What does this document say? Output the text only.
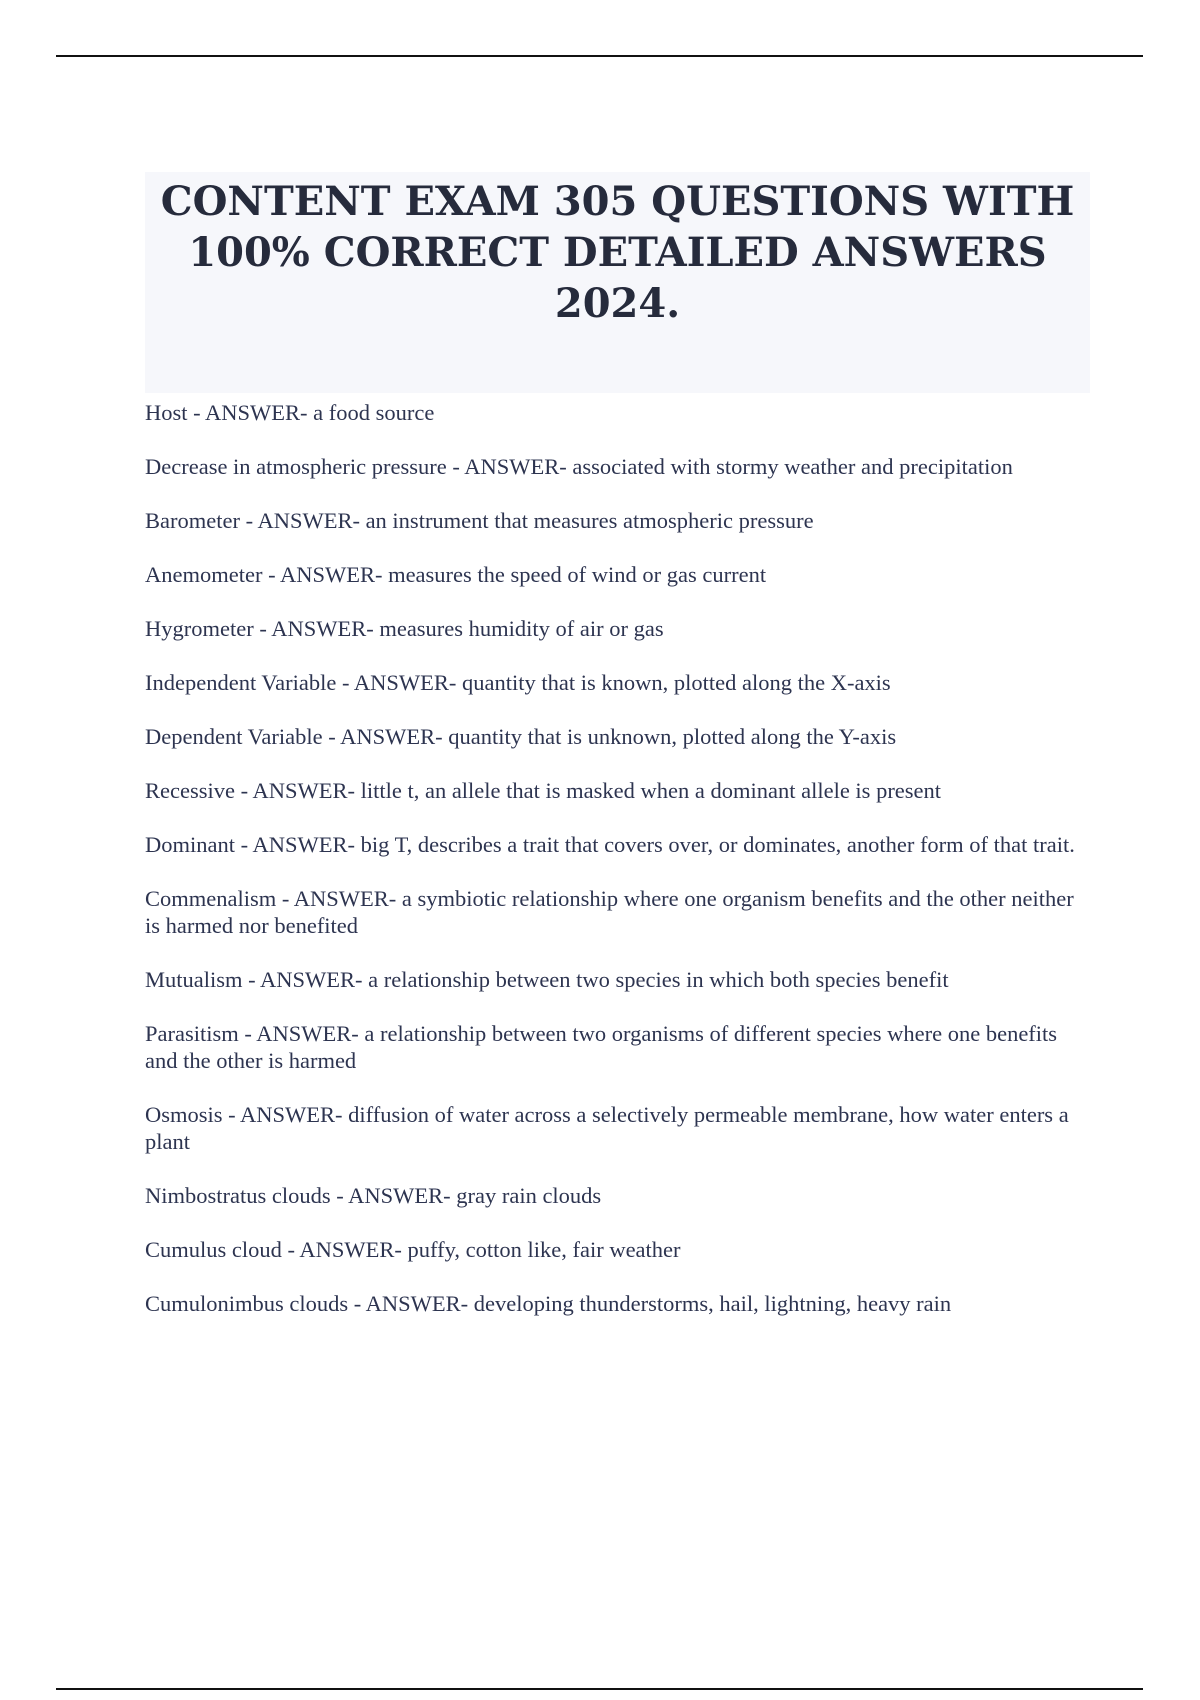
CONTENT EXAM 305 QUESTIONS WITH 100% CORRECT DETAILED ANSWERS 2024.
Host - ANSWER- a food source
Decrease in atmospheric pressure - ANSWER- associated with stormy weather and precipitation
Barometer - ANSWER- an instrument that measures atmospheric pressure
Anemometer - ANSWER- measures the speed of wind or gas current
Hygrometer - ANSWER- measures humidity of air or gas
Independent Variable - ANSWER- quantity that is known, plotted along the X-axis
Dependent Variable - ANSWER- quantity that is unknown, plotted along the Y-axis
Recessive - ANSWER- little t, an allele that is masked when a dominant allele is present
Dominant - ANSWER- big T, describes a trait that covers over, or dominates, another form of that trait.
Commenalism - ANSWER- a symbiotic relationship where one organism benefits and the other neither is harmed nor benefited
Mutualism - ANSWER- a relationship between two species in which both species benefit
Parasitism - ANSWER- a relationship between two organisms of different species where one benefits and the other is harmed
Osmosis - ANSWER- diffusion of water across a selectively permeable membrane, how water enters a plant
Nimbostratus clouds - ANSWER- gray rain clouds
Cumulus cloud - ANSWER- puffy, cotton like, fair weather
Cumulonimbus clouds - ANSWER- developing thunderstorms, hail, lightning, heavy rain
